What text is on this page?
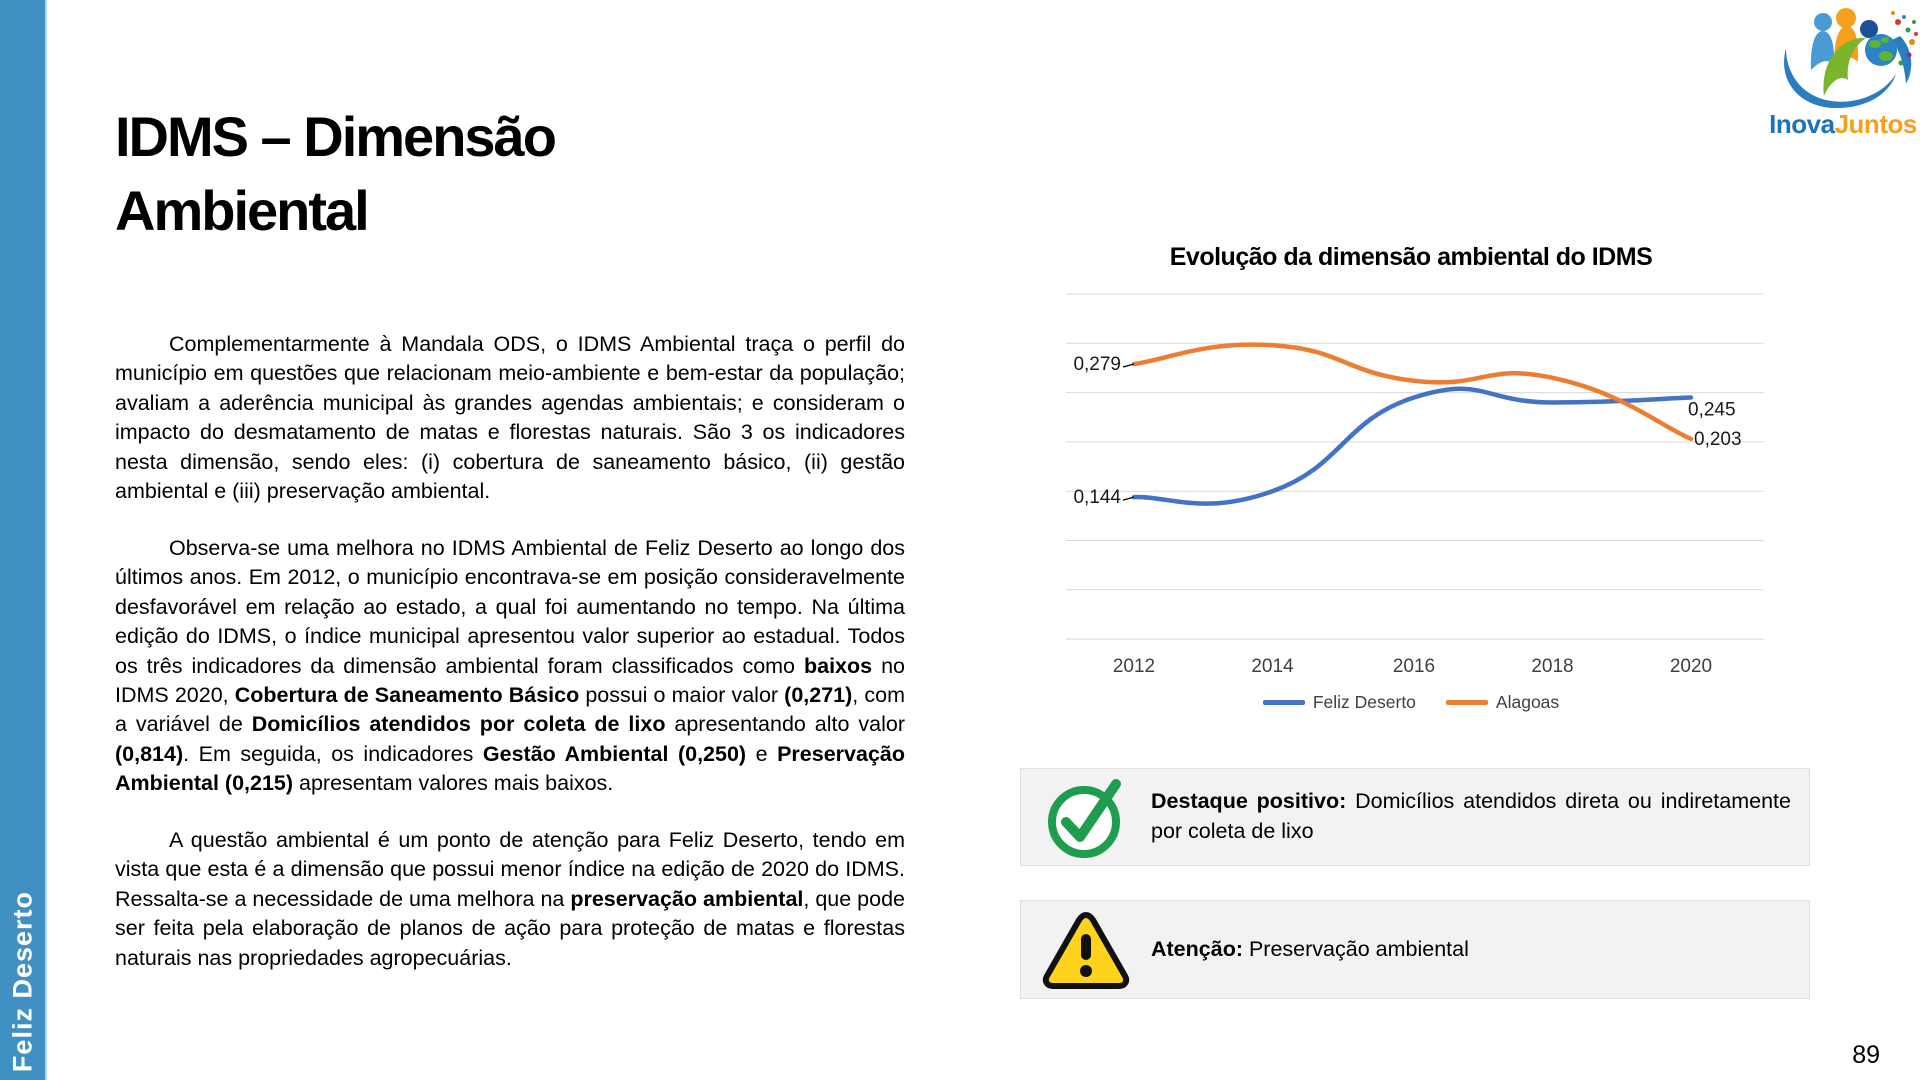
Feliz Deserto
IDMS – Dimensão
Ambiental

Complementarmente à Mandala ODS, o IDMS Ambiental traça o perfil do município em questões que relacionam meio-ambiente e bem-estar da população; avaliam a aderência municipal às grandes agendas ambientais; e consideram o impacto do desmatamento de matas e florestas naturais. São 3 os indicadores nesta dimensão, sendo eles: (i) cobertura de saneamento básico, (ii) gestão ambiental e (iii) preservação ambiental.

Observa-se uma melhora no IDMS Ambiental de Feliz Deserto ao longo dos últimos anos. Em 2012, o município encontrava-se em posição consideravelmente desfavorável em relação ao estado, a qual foi aumentando no tempo. Na última edição do IDMS, o índice municipal apresentou valor superior ao estadual. Todos os três indicadores da dimensão ambiental foram classificados como baixos no IDMS 2020, Cobertura de Saneamento Básico possui o maior valor (0,271), com a variável de Domicílios atendidos por coleta de lixo apresentando alto valor (0,814). Em seguida, os indicadores Gestão Ambiental (0,250) e Preservação Ambiental (0,215) apresentam valores mais baixos.

A questão ambiental é um ponto de atenção para Feliz Deserto, tendo em vista que esta é a dimensão que possui menor índice na edição de 2020 do IDMS. Ressalta-se a necessidade de uma melhora na preservação ambiental, que pode ser feita pela elaboração de planos de ação para proteção de matas e florestas naturais nas propriedades agropecuárias.

InovaJuntos
Evolução da dimensão ambiental do IDMS
2012	2014	2016	2018	2020
0,144
0,245
0,279
0,203
Feliz Deserto	Alagoas

Destaque positivo: Domicílios atendidos direta ou indiretamente por coleta de lixo

Atenção: Preservação ambiental

89
